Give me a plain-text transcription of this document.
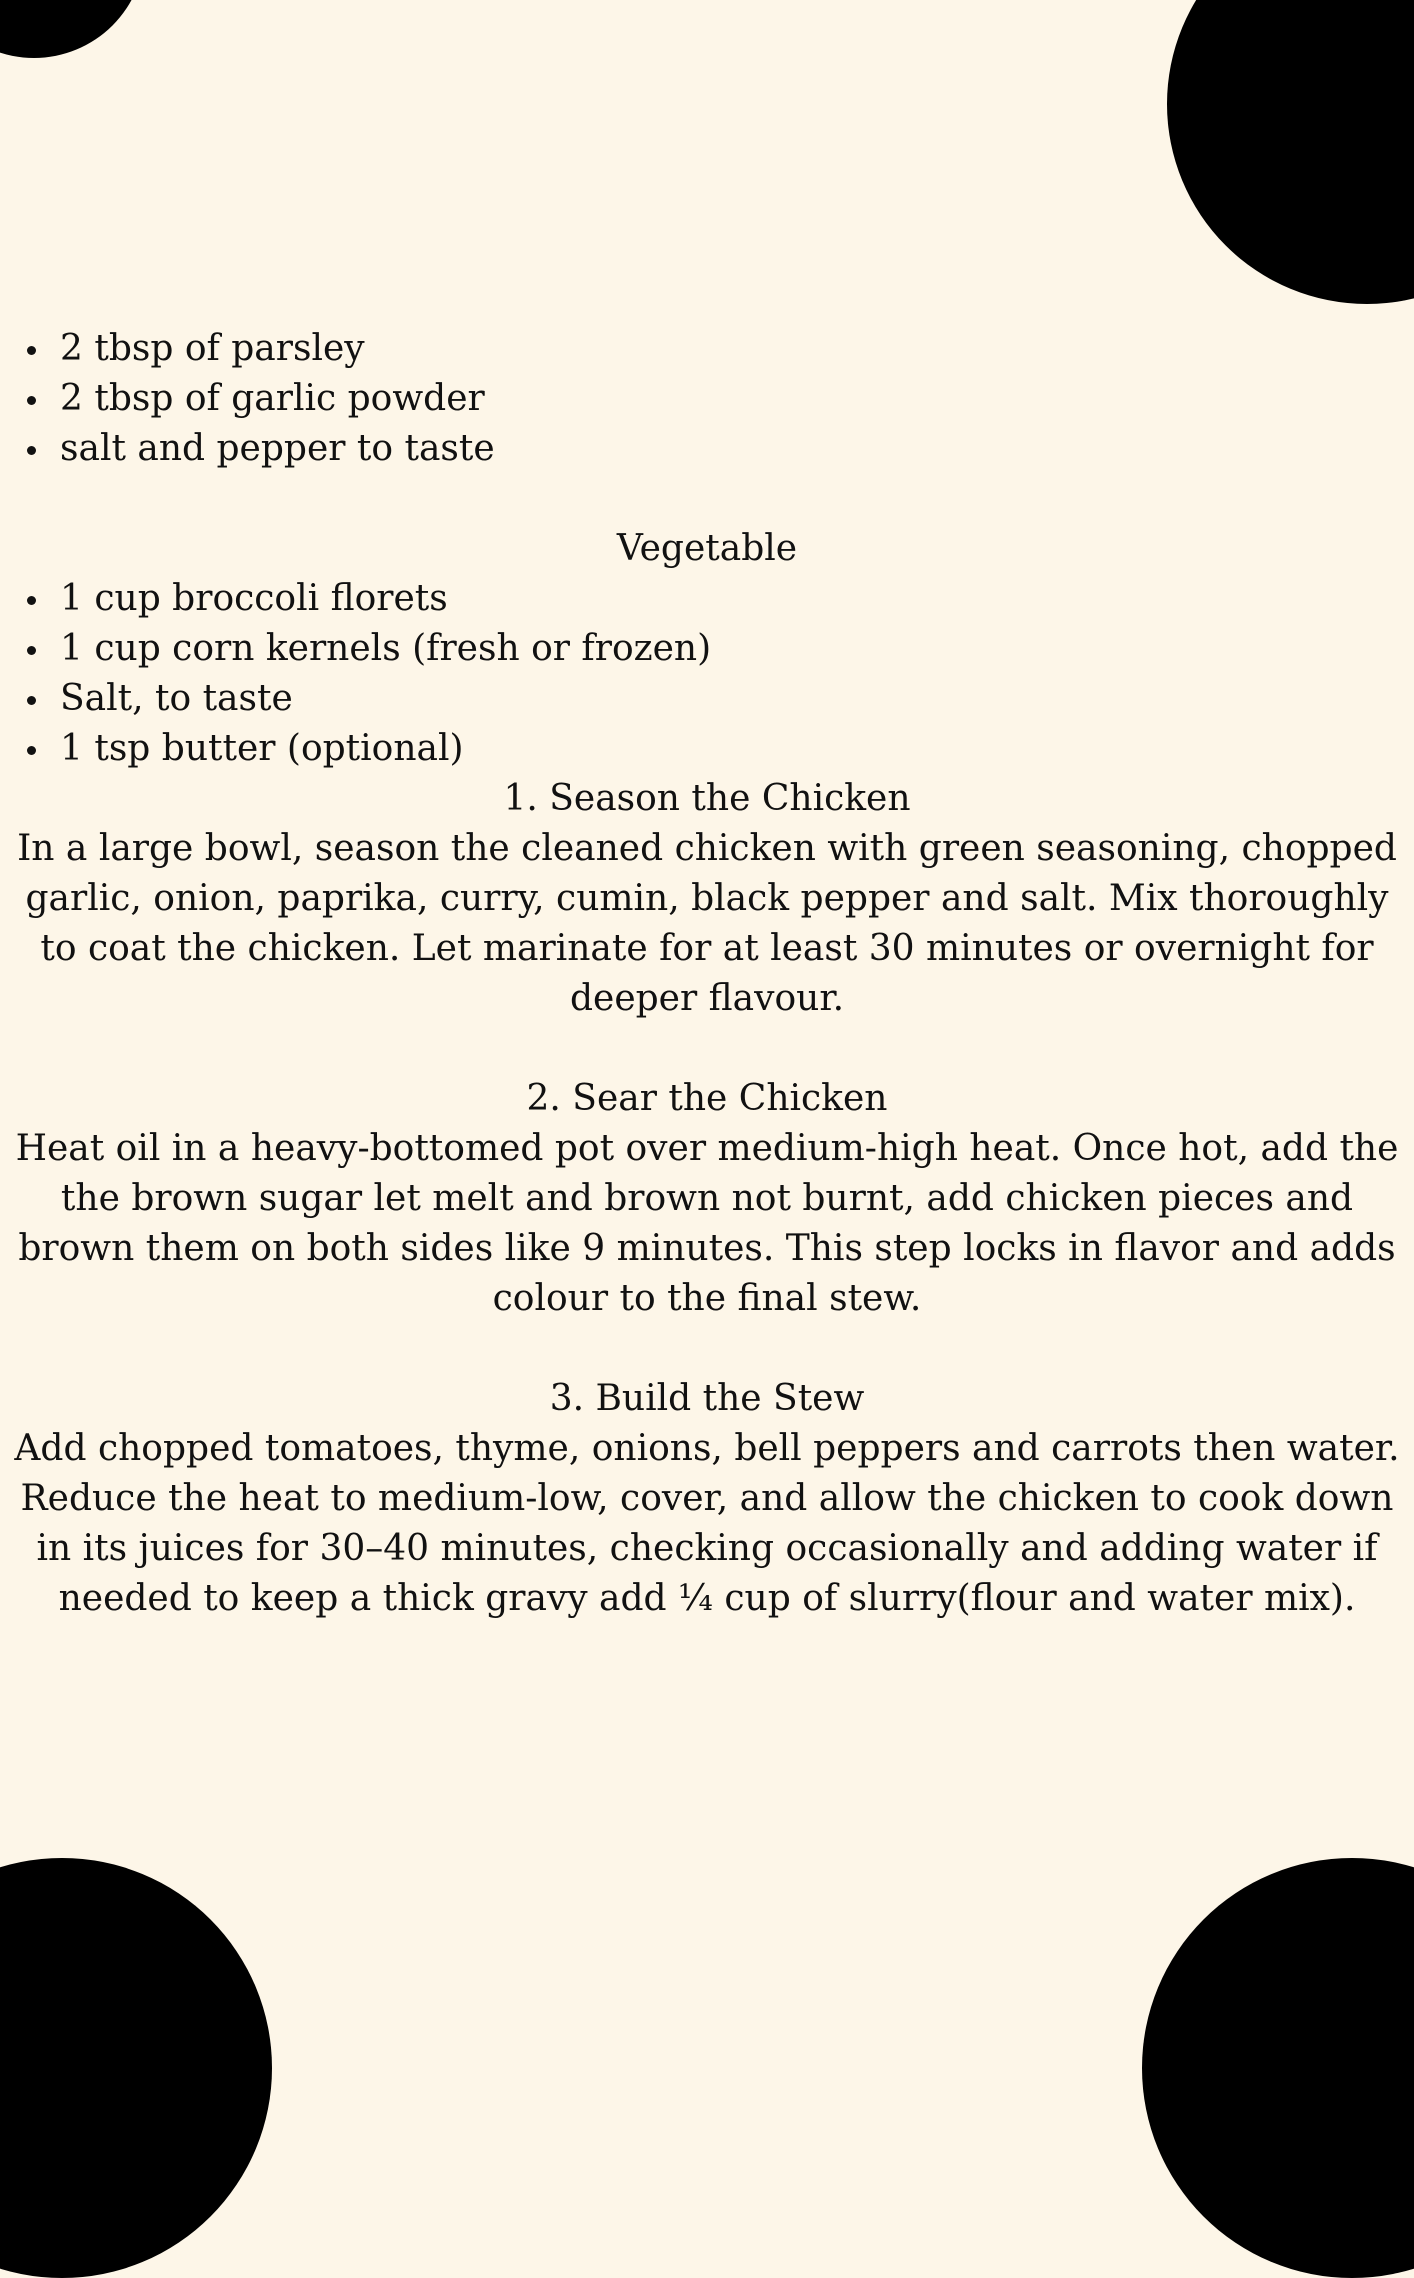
2 tbsp of parsley
2 tbsp of garlic powder
salt and pepper to taste
Vegetable
1 cup broccoli florets
1 cup corn kernels (fresh or frozen)
Salt, to taste
1 tsp butter (optional)
1. Season the Chicken

In a large bowl, season the cleaned chicken with green seasoning, chopped garlic, onion, paprika, curry, cumin, black pepper and salt. Mix thoroughly to coat the chicken. Let marinate for at least 30 minutes or overnight for deeper flavour.

2. Sear the Chicken

Heat oil in a heavy-bottomed pot over medium-high heat. Once hot, add the the brown sugar let melt and brown not burnt, add chicken pieces and brown them on both sides like 9 minutes. This step locks in flavor and adds colour to the final stew.

3. Build the Stew

Add chopped tomatoes, thyme, onions, bell peppers and carrots then water. Reduce the heat to medium-low, cover, and allow the chicken to cook down in its juices for 30–40 minutes, checking occasionally and adding water if needed to keep a thick gravy add ¼ cup of slurry(flour and water mix).
